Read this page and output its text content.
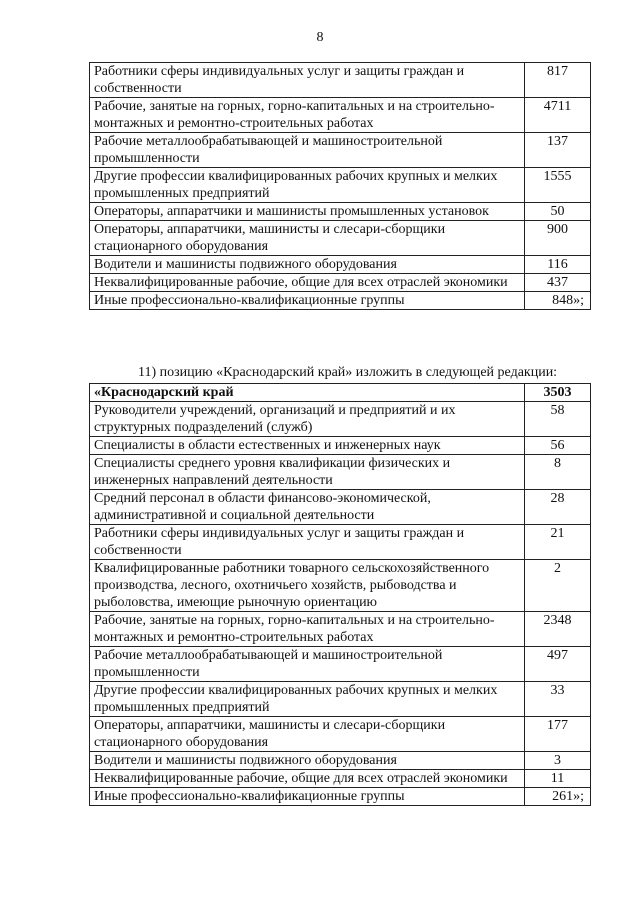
8
Работники сферы индивидуальных услуг и защиты граждан и собственности	817
Рабочие, занятые на горных, горно-капитальных и на строительно-монтажных и ремонтно-строительных работах	4711
Рабочие металлообрабатывающей и машиностроительной промышленности	137
Другие профессии квалифицированных рабочих крупных и мелких промышленных предприятий	1555
Операторы, аппаратчики и машинисты промышленных установок	50
Операторы, аппаратчики, машинисты и слесари-сборщики стационарного оборудования	900
Водители и машинисты подвижного оборудования	116
Неквалифицированные рабочие, общие для всех отраслей экономики	437
Иные профессионально-квалификационные группы	848»;
11) позицию «Краснодарский край» изложить в следующей редакции:
«Краснодарский край	3503
Руководители учреждений, организаций и предприятий и их структурных подразделений (служб)	58
Специалисты в области естественных и инженерных наук	56
Специалисты среднего уровня квалификации физических и инженерных направлений деятельности	8
Средний персонал в области финансово-экономической, административной и социальной деятельности	28
Работники сферы индивидуальных услуг и защиты граждан и собственности	21
Квалифицированные работники товарного сельскохозяйственного производства, лесного, охотничьего хозяйств, рыбоводства и рыболовства, имеющие рыночную ориентацию	2
Рабочие, занятые на горных, горно-капитальных и на строительно-монтажных и ремонтно-строительных работах	2348
Рабочие металлообрабатывающей и машиностроительной промышленности	497
Другие профессии квалифицированных рабочих крупных и мелких промышленных предприятий	33
Операторы, аппаратчики, машинисты и слесари-сборщики стационарного оборудования	177
Водители и машинисты подвижного оборудования	3
Неквалифицированные рабочие, общие для всех отраслей экономики	11
Иные профессионально-квалификационные группы	261»;
